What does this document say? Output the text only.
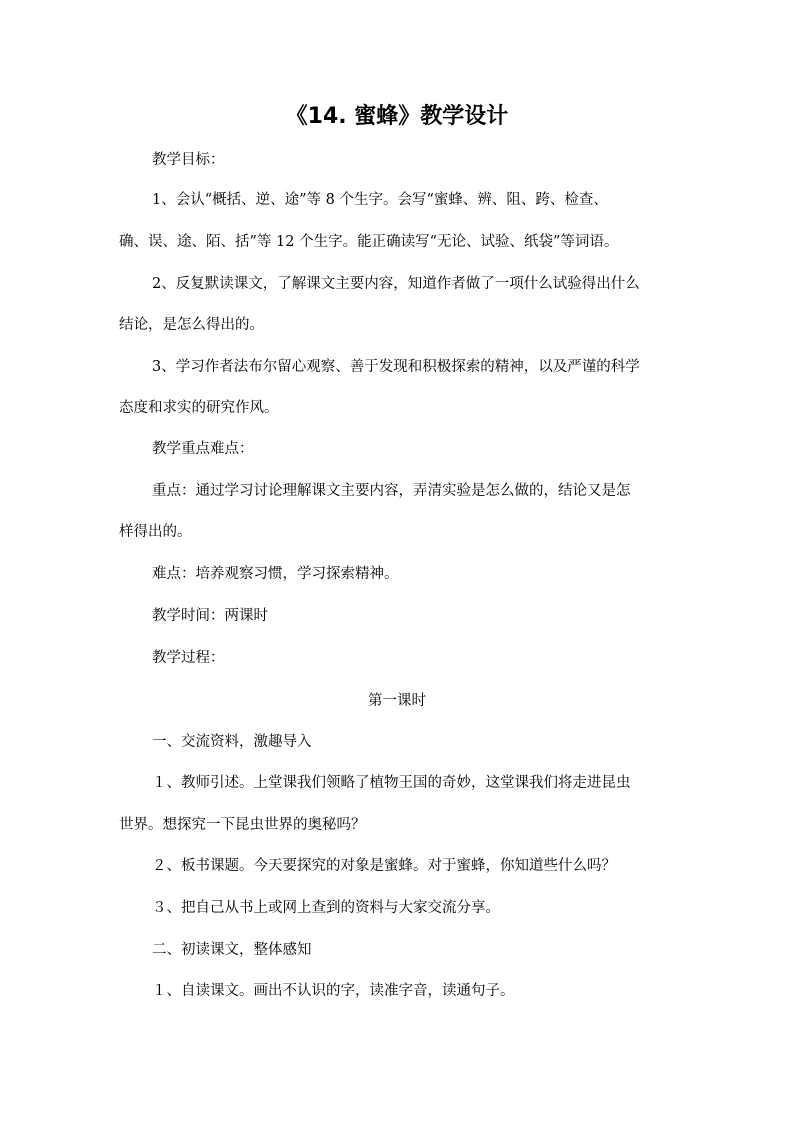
《14. 蜜蜂》教学设计

教学目标：

1、会认“概括、逆、途”等 8 个生字。会写“蜜蜂、辨、阻、跨、检查、

确、误、途、陌、括”等 12 个生字。能正确读写“无论、试验、纸袋”等词语。

2、反复默读课文，了解课文主要内容，知道作者做了一项什么试验得出什么

结论，是怎么得出的。

3、学习作者法布尔留心观察、善于发现和积极探索的精神，以及严谨的科学

态度和求实的研究作风。

教学重点难点：

重点：通过学习讨论理解课文主要内容，弄清实验是怎么做的，结论又是怎

样得出的。

难点：培养观察习惯，学习探索精神。

教学时间：两课时

教学过程：

第一课时

一、交流资料，激趣导入

１、教师引述。上堂课我们领略了植物王国的奇妙，这堂课我们将走进昆虫

世界。想探究一下昆虫世界的奥秘吗？

２、板书课题。今天要探究的对象是蜜蜂。对于蜜蜂，你知道些什么吗？

３、把自己从书上或网上查到的资料与大家交流分享。

二、初读课文，整体感知

１、自读课文。画出不认识的字，读准字音，读通句子。
